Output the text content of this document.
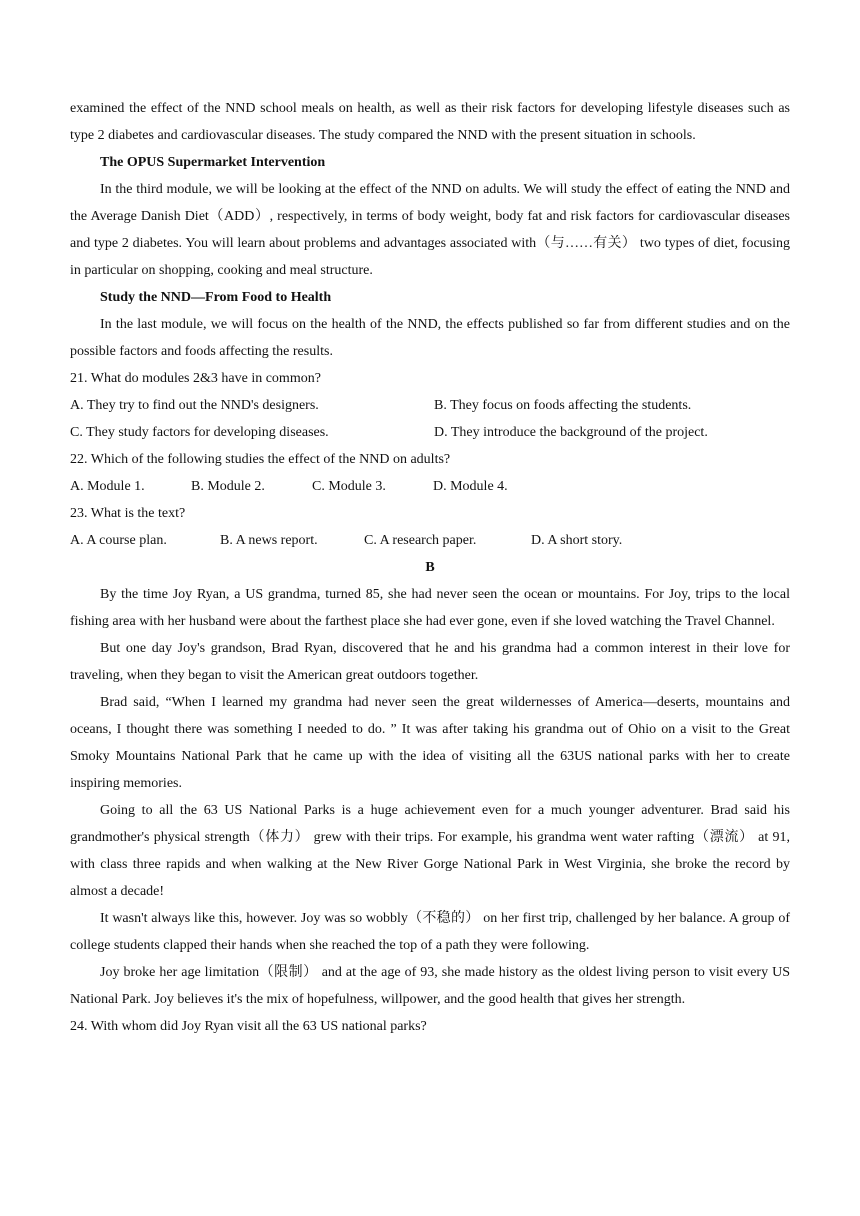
examined the effect of the NND school meals on health, as well as their risk factors for developing lifestyle diseases such as type 2 diabetes and cardiovascular diseases. The study compared the NND with the present situation in schools.

The OPUS Supermarket Intervention

In the third module, we will be looking at the effect of the NND on adults. We will study the effect of eating the NND and the Average Danish Diet（ADD）, respectively, in terms of body weight, body fat and risk factors for cardiovascular diseases and type 2 diabetes. You will learn about problems and advantages associated with（与……有关） two types of diet, focusing in particular on shopping, cooking and meal structure.

Study the NND—From Food to Health

In the last module, we will focus on the health of the NND, the effects published so far from different studies and on the possible factors and foods affecting the results.

21. What do modules 2&3 have in common?
A. They try to find out the NND's designers.	B. They focus on foods affecting the students.
C. They study factors for developing diseases.	D. They introduce the background of the project.
22. Which of the following studies the effect of the NND on adults?
A. Module 1.	B. Module 2.	C. Module 3.	D. Module 4.
23. What is the text?
A. A course plan.	B. A news report.	C. A research paper.	D. A short story.
B

By the time Joy Ryan, a US grandma, turned 85, she had never seen the ocean or mountains. For Joy, trips to the local fishing area with her husband were about the farthest place she had ever gone, even if she loved watching the Travel Channel.

But one day Joy's grandson, Brad Ryan, discovered that he and his grandma had a common interest in their love for traveling, when they began to visit the American great outdoors together.

Brad said, “When I learned my grandma had never seen the great wildernesses of America—deserts, mountains and oceans, I thought there was something I needed to do. ” It was after taking his grandma out of Ohio on a visit to the Great Smoky Mountains National Park that he came up with the idea of visiting all the 63US national parks with her to create inspiring memories.

Going to all the 63 US National Parks is a huge achievement even for a much younger adventurer. Brad said his grandmother's physical strength（体力） grew with their trips. For example, his grandma went water rafting（漂流） at 91, with class three rapids and when walking at the New River Gorge National Park in West Virginia, she broke the record by almost a decade!

It wasn't always like this, however. Joy was so wobbly（不稳的） on her first trip, challenged by her balance. A group of college students clapped their hands when she reached the top of a path they were following.

Joy broke her age limitation（限制） and at the age of 93, she made history as the oldest living person to visit every US National Park. Joy believes it's the mix of hopefulness, willpower, and the good health that gives her strength.

24. With whom did Joy Ryan visit all the 63 US national parks?
